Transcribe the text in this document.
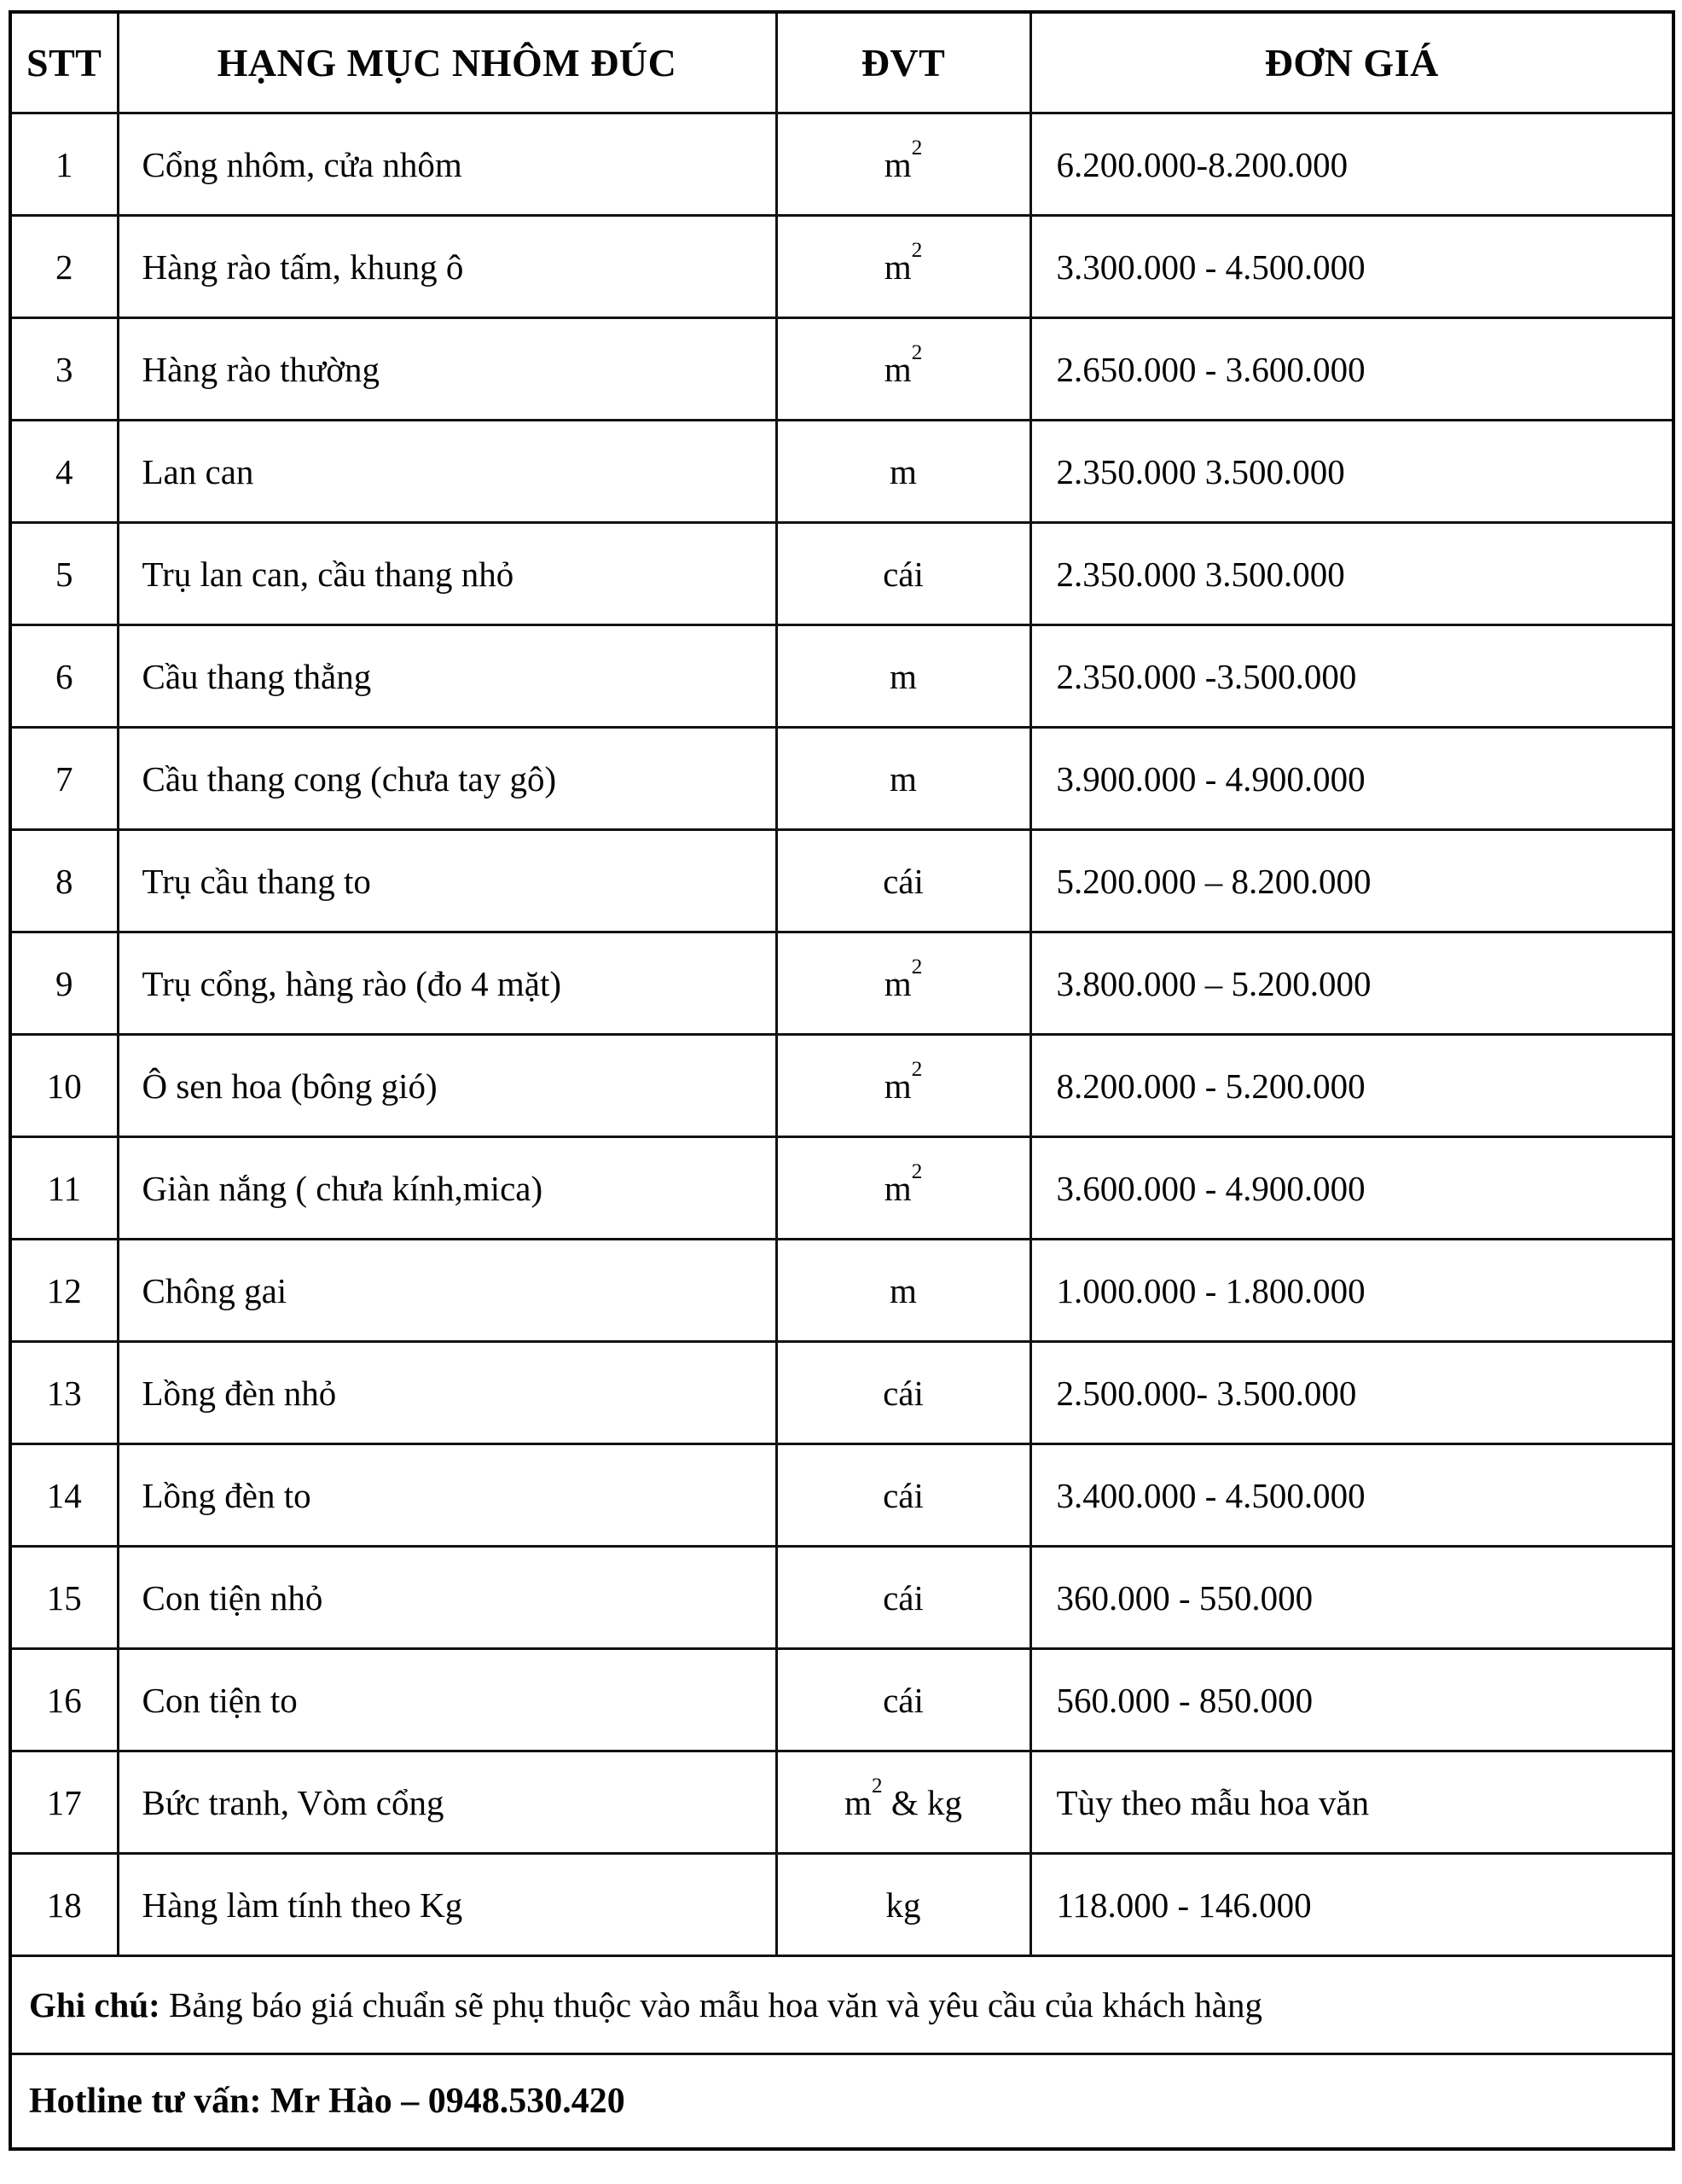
STT	HẠNG MỤC NHÔM ĐÚC	ĐVT	ĐƠN GIÁ
1	Cổng nhôm, cửa nhôm	$m^2$	6.200.000-8.200.000
2	Hàng rào tấm, khung ô	$m^2$	3.300.000 - 4.500.000
3	Hàng rào thường	$m^2$	2.650.000 - 3.600.000
4	Lan can	m	2.350.000 3.500.000
5	Trụ lan can, cầu thang nhỏ	cái	2.350.000 3.500.000
6	Cầu thang thẳng	m	2.350.000 -3.500.000
7	Cầu thang cong (chưa tay gô)	m	3.900.000 - 4.900.000
8	Trụ cầu thang to	cái	5.200.000 – 8.200.000
9	Trụ cổng, hàng rào (đo 4 mặt)	$m^2$	3.800.000 – 5.200.000
10	Ô sen hoa (bông gió)	$m^2$	8.200.000 - 5.200.000
11	Giàn nắng ( chưa kính,mica)	$m^2$	3.600.000 - 4.900.000
12	Chông gai	m	1.000.000 - 1.800.000
13	Lồng đèn nhỏ	cái	2.500.000- 3.500.000
14	Lồng đèn to	cái	3.400.000 - 4.500.000
15	Con tiện nhỏ	cái	360.000 - 550.000
16	Con tiện to	cái	560.000 - 850.000
17	Bức tranh, Vòm cổng	$m^2$ & kg	Tùy theo mẫu hoa văn
18	Hàng làm tính theo Kg	kg	118.000 - 146.000
Ghi chú: Bảng báo giá chuẩn sẽ phụ thuộc vào mẫu hoa văn và yêu cầu của khách hàng			
Hotline tư vấn: Mr Hào – 0948.530.420			
